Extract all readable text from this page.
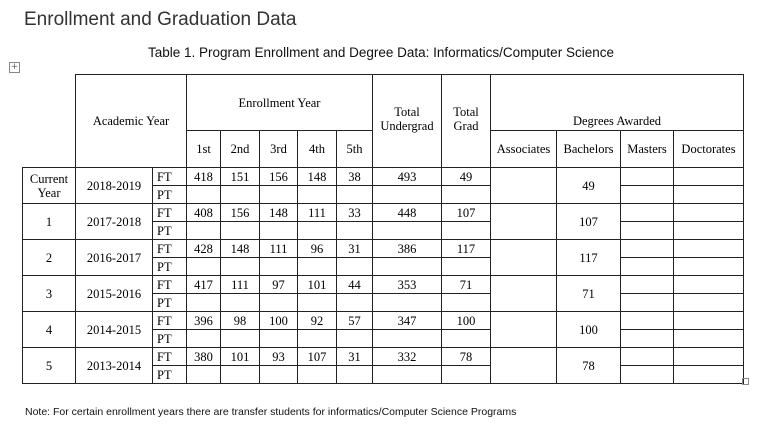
Enrollment and Graduation Data
Table 1. Program Enrollment and Degree Data: Informatics/Computer Science
+
	Academic Year		Enrollment Year					Total Undergrad	Total Grad	Degrees Awarded			
			1st	2nd	3rd	4th	5th			Associates	Bachelors	Masters	Doctorates
Current Year	2018-2019	FT	418	151	156	148	38	493	49		49		
		PT											
1	2017-2018	FT	408	156	148	111	33	448	107		107		
		PT											
2	2016-2017	FT	428	148	111	96	31	386	117		117		
		PT											
3	2015-2016	FT	417	111	97	101	44	353	71		71		
		PT											
4	2014-2015	FT	396	98	100	92	57	347	100		100		
		PT											
5	2013-2014	FT	380	101	93	107	31	332	78		78		
		PT											
Note: For certain enrollment years there are transfer students for informatics/Computer Science Programs
